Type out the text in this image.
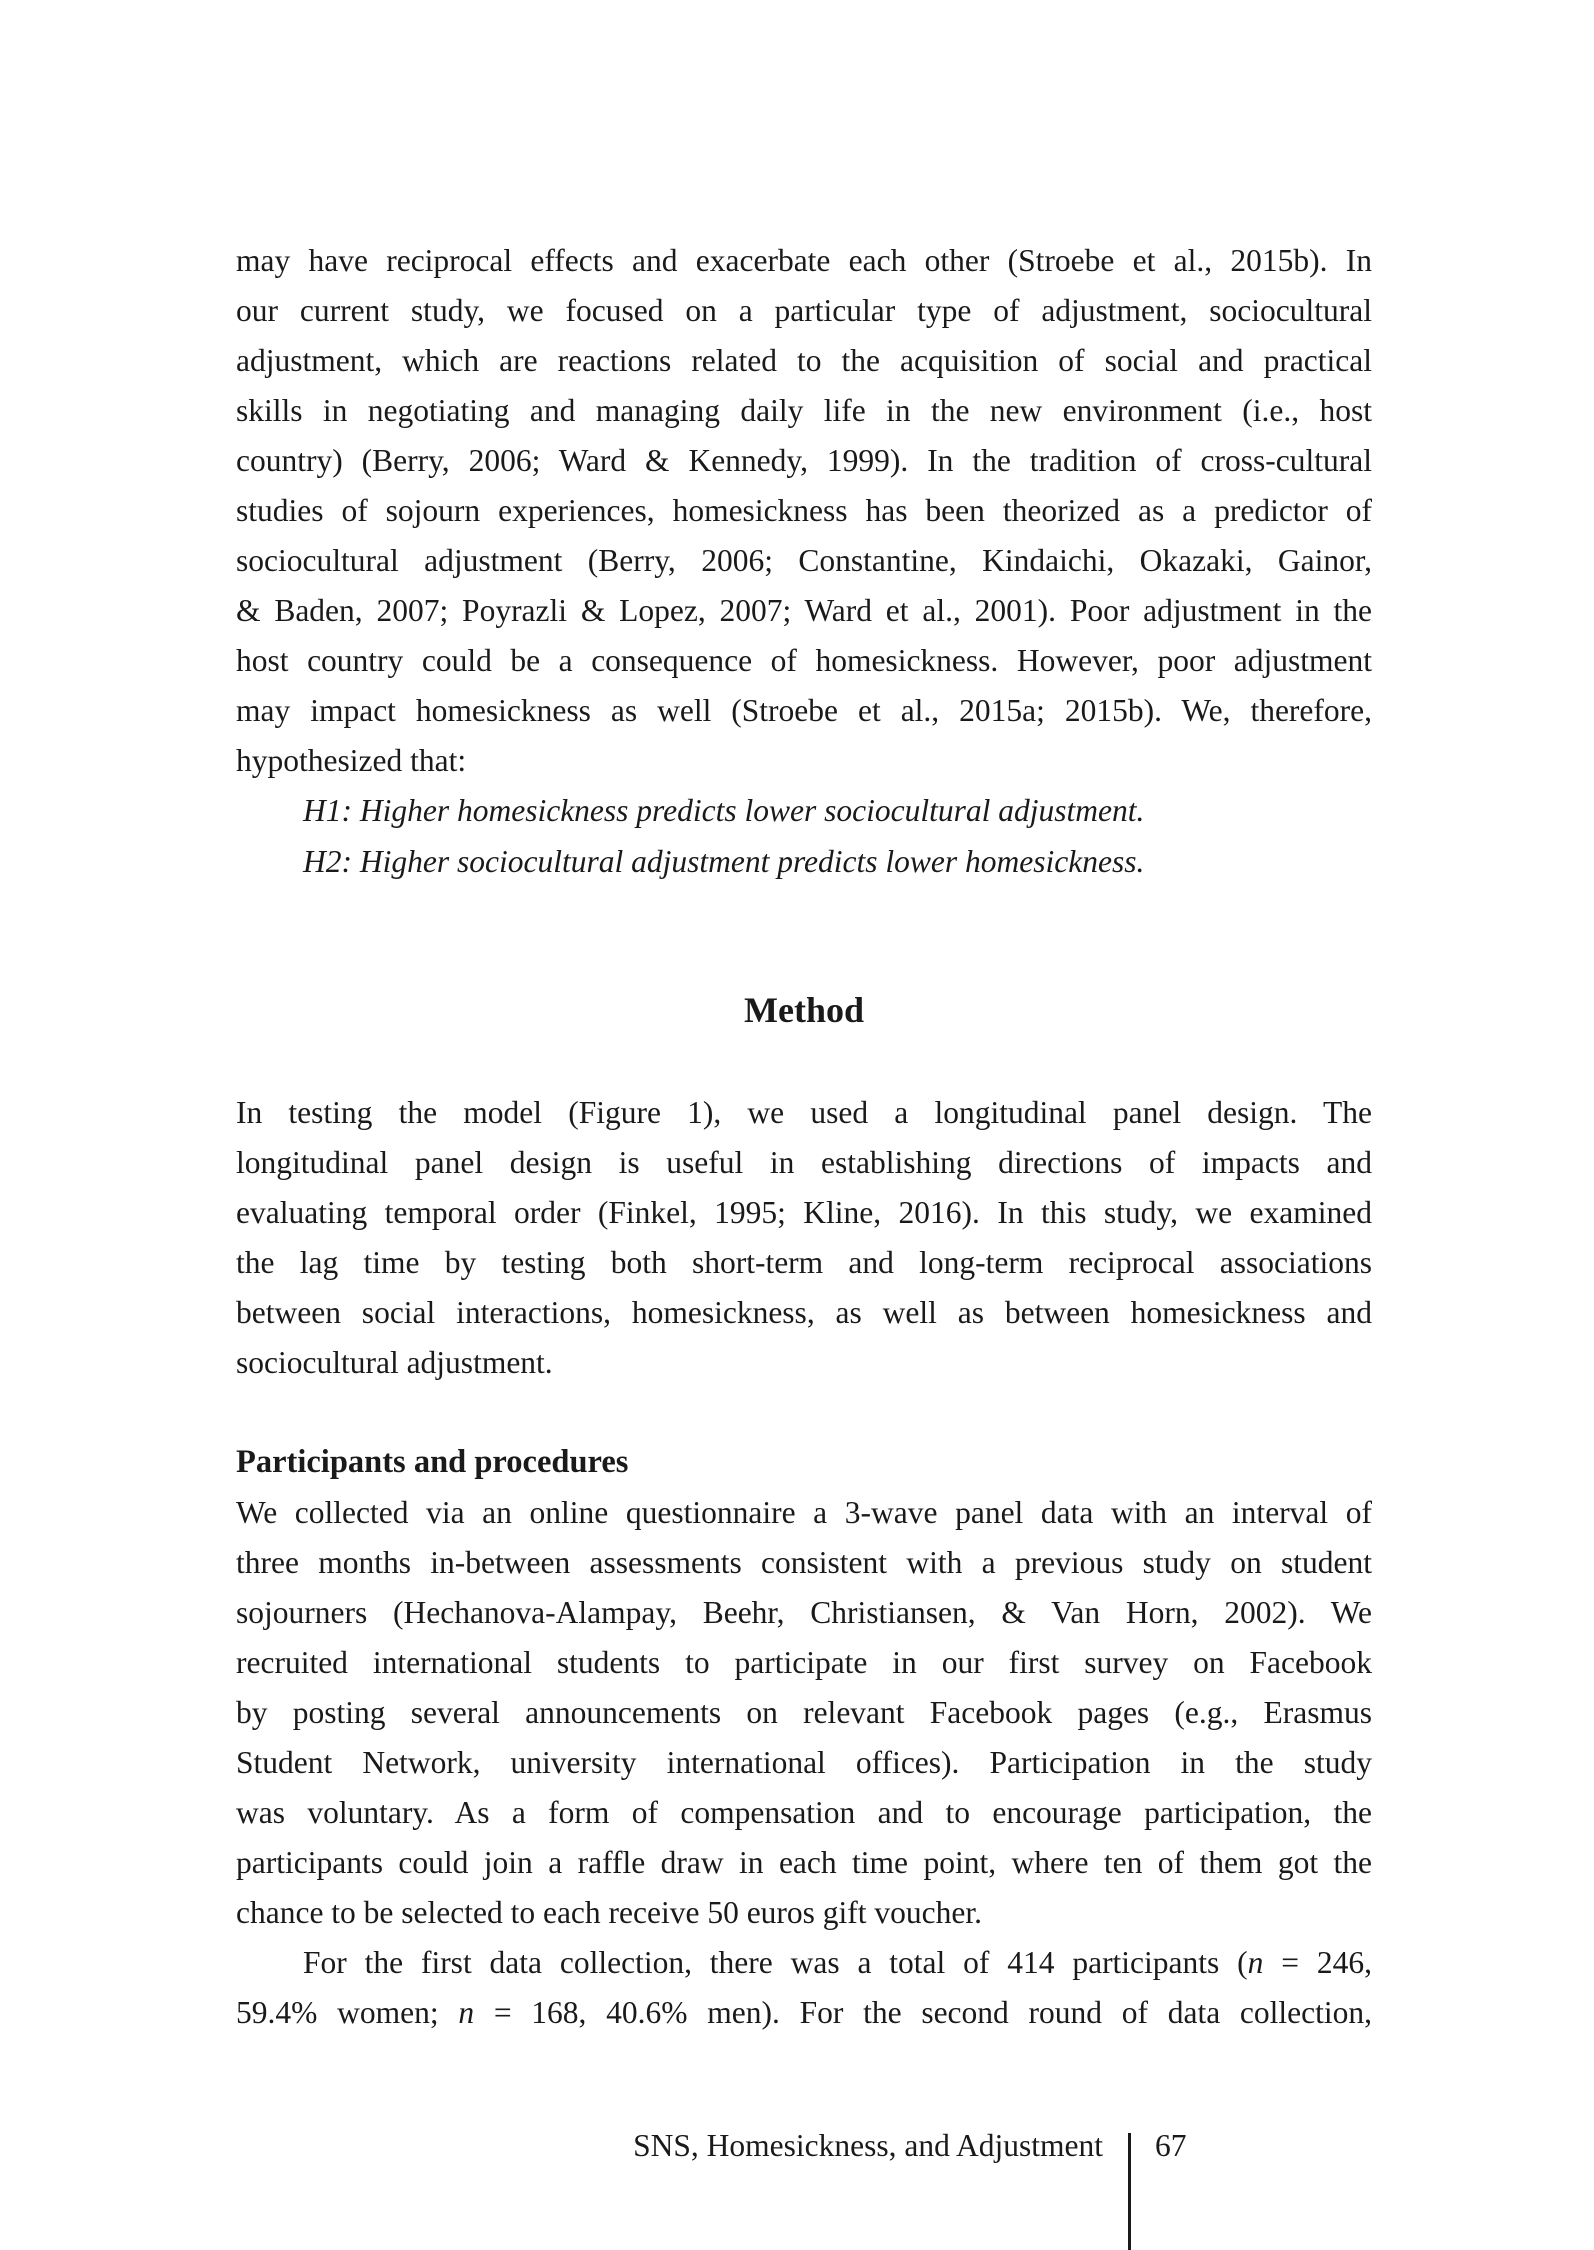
may have reciprocal effects and exacerbate each other (Stroebe et al., 2015b). In
our current study, we focused on a particular type of adjustment, sociocultural
adjustment, which are reactions related to the acquisition of social and practical
skills in negotiating and managing daily life in the new environment (i.e., host
country) (Berry, 2006; Ward & Kennedy, 1999). In the tradition of cross-cultural
studies of sojourn experiences, homesickness has been theorized as a predictor of
sociocultural adjustment (Berry, 2006; Constantine, Kindaichi, Okazaki, Gainor,
& Baden, 2007; Poyrazli & Lopez, 2007; Ward et al., 2001). Poor adjustment in the
host country could be a consequence of homesickness. However, poor adjustment
may impact homesickness as well (Stroebe et al., 2015a; 2015b). We, therefore,
hypothesized that:
H1: Higher homesickness predicts lower sociocultural adjustment.
H2: Higher sociocultural adjustment predicts lower homesickness.
Method
In testing the model (Figure 1), we used a longitudinal panel design. The
longitudinal panel design is useful in establishing directions of impacts and
evaluating temporal order (Finkel, 1995; Kline, 2016). In this study, we examined
the lag time by testing both short-term and long-term reciprocal associations
between social interactions, homesickness, as well as between homesickness and
sociocultural adjustment.
Participants and procedures
We collected via an online questionnaire a 3-wave panel data with an interval of
three months in-between assessments consistent with a previous study on student
sojourners (Hechanova-Alampay, Beehr, Christiansen, & Van Horn, 2002). We
recruited international students to participate in our first survey on Facebook
by posting several announcements on relevant Facebook pages (e.g., Erasmus
Student Network, university international offices). Participation in the study
was voluntary. As a form of compensation and to encourage participation, the
participants could join a raffle draw in each time point, where ten of them got the
chance to be selected to each receive 50 euros gift voucher.
For the first data collection, there was a total of 414 participants (n = 246,
59.4% women; n = 168, 40.6% men). For the second round of data collection,
SNS, Homesickness, and Adjustment 67
